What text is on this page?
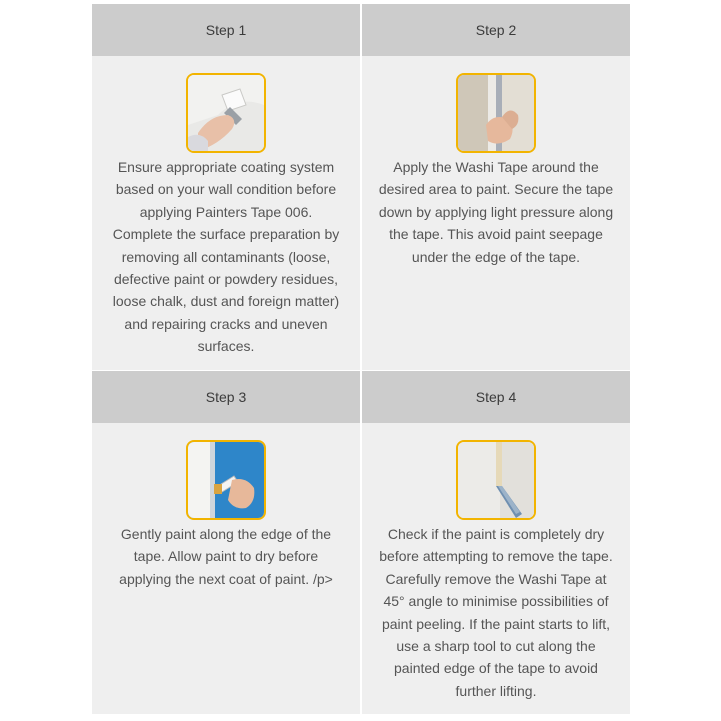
Step 1
Ensure appropriate coating system based on your wall condition before applying Painters Tape 006. Complete the surface preparation by removing all contaminants (loose, defective paint or powdery residues, loose chalk, dust and foreign matter) and repairing cracks and uneven surfaces.
Step 2
Apply the Washi Tape around the desired area to paint. Secure the tape down by applying light pressure along the tape. This avoid paint seepage under the edge of the tape.
Step 3
Gently paint along the edge of the tape. Allow paint to dry before applying the next coat of paint. /p>
Step 4
Check if the paint is completely dry before attempting to remove the tape. Carefully remove the Washi Tape at 45° angle to minimise possibilities of paint peeling. If the paint starts to lift, use a sharp tool to cut along the painted edge of the tape to avoid further lifting.
